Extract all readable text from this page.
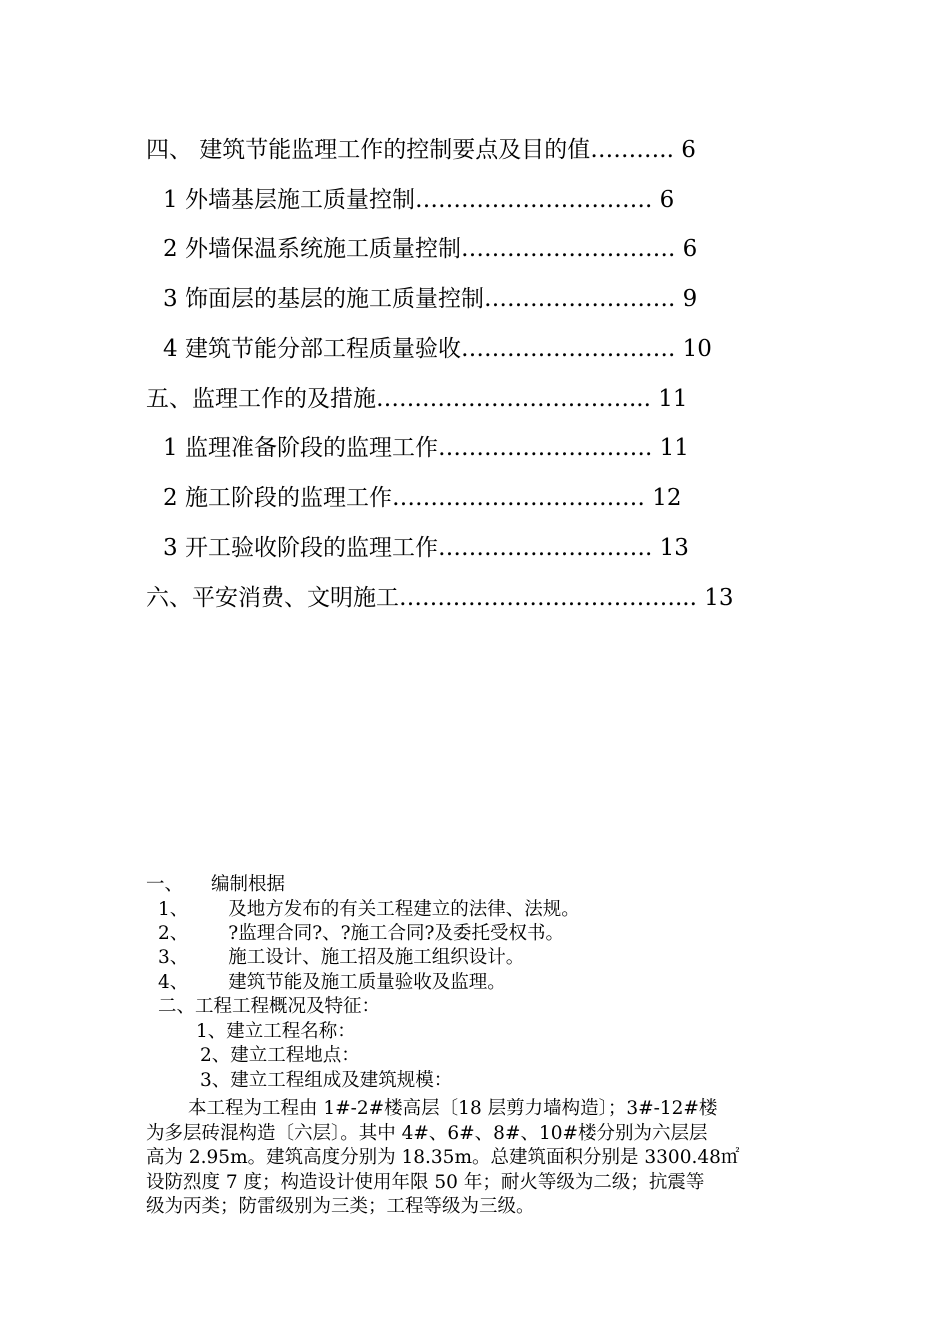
四、 建筑节能监理工作的控制要点及目的值……….. 6
1 外墙基层施工质量控制…………………………. 6
2 外墙保温系统施工质量控制………………………. 6
3 饰面层的基层的施工质量控制……………………. 9
4 建筑节能分部工程质量验收………………………. 10
五、监理工作的及措施……………………………... 11
1 监理准备阶段的监理工作………………………. 11
2 施工阶段的监理工作…………………………… 12
3 开工验收阶段的监理工作………………………. 13
六、平安消费、文明施工………………………………... 13
一、 编制根据
1、 及地方发布的有关工程建立的法律、法规。
2、 ?监理合同?、?施工合同?及委托受权书。
3、 施工设计、施工招及施工组织设计。
4、 建筑节能及施工质量验收及监理。
二、工程工程概况及特征：
1、建立工程名称：
2、建立工程地点：
3、建立工程组成及建筑规模：
本工程为工程由 1#-2#楼高层〔18 层剪力墙构造〕；3#-12#楼
为多层砖混构造〔六层〕。其中 4#、6#、8#、10#楼分别为六层层
高为 2.95m。建筑高度分别为 18.35m。总建筑面积分别是 3300.48㎡
设防烈度 7 度；构造设计使用年限 50 年；耐火等级为二级；抗震等
级为丙类；防雷级别为三类；工程等级为三级。
